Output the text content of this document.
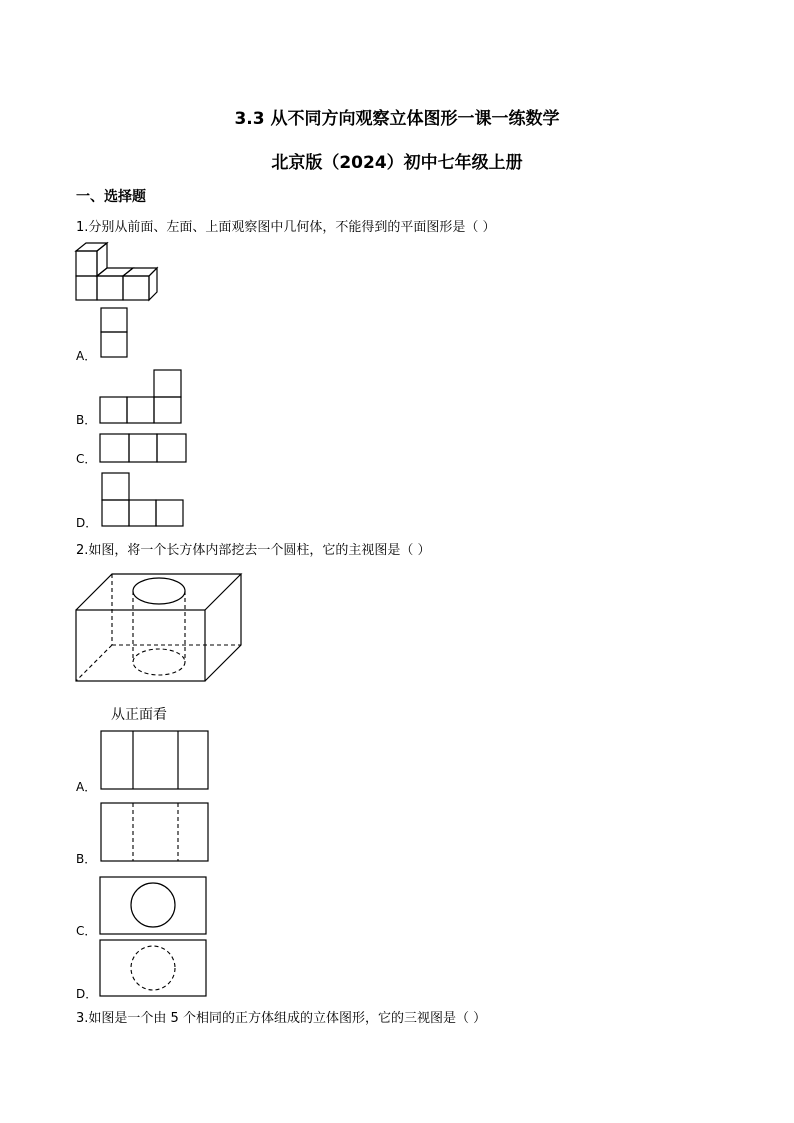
3.3 从不同方向观察立体图形一课一练数学
北京版（2024）初中七年级上册
一、选择题
1.分别从前面、左面、上面观察图中几何体，不能得到的平面图形是（ ）
A．
B．
C．
D．
2.如图，将一个长方体内部挖去一个圆柱，它的主视图是（ ）
从正面看
A．
B．
C．
D．
3.如图是一个由 5 个相同的正方体组成的立体图形，它的三视图是（ ）
